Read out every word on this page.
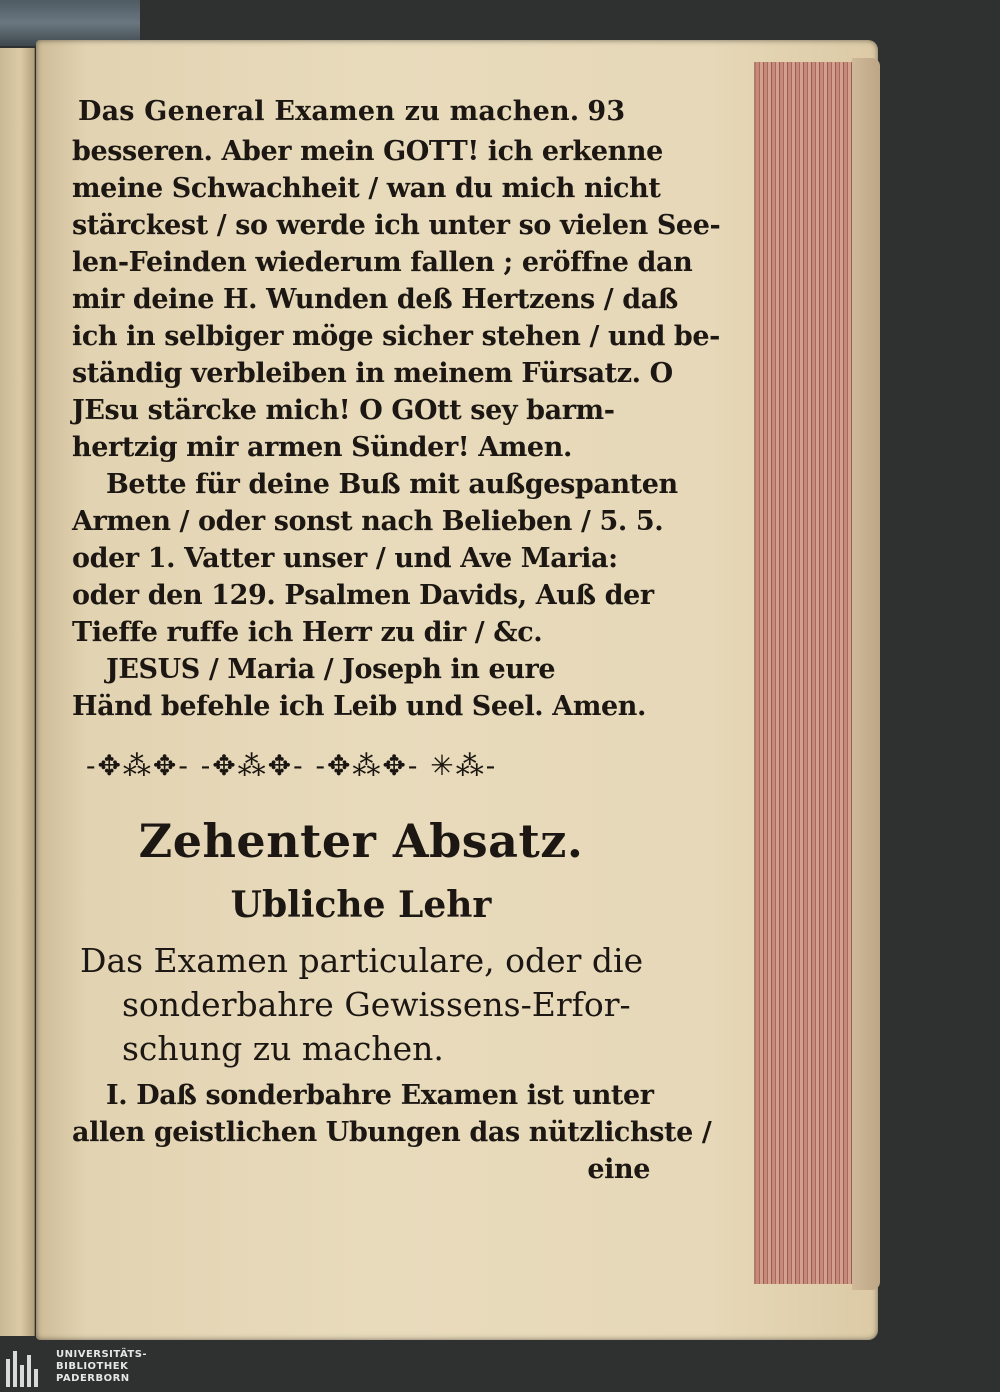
Das General Examen zu machen. 93
besseren. Aber mein GOTT! ich erkenne
meine Schwachheit / wan du mich nicht
stärckest / so werde ich unter so vielen See-
len-Feinden wiederum fallen ; eröffne dan
mir deine H. Wunden deß Hertzens / daß
ich in selbiger möge sicher stehen / und be-
ständig verbleiben in meinem Fürsatz. O
JEsu stärcke mich! O GOtt sey barm-
hertzig mir armen Sünder! Amen.
Bette für deine Buß mit außgespanten
Armen / oder sonst nach Belieben / 5. 5.
oder 1. Vatter unser / und Ave Maria:
oder den 129. Psalmen Davids, Auß der
Tieffe ruffe ich Herr zu dir / &c.
JESUS / Maria / Joseph in eure
Händ befehle ich Leib und Seel. Amen.
-✥⁂✥- -✥⁂✥- -✥⁂✥- ✳⁂-
Zehenter Absatz.
Ubliche Lehr
Das Examen particulare, oder die
sonderbahre Gewissens-Erfor-
schung zu machen.
I. Daß sonderbahre Examen ist unter
allen geistlichen Ubungen das nützlichste /
eine
UNIVERSITÄTS-
BIBLIOTHEK
PADERBORN
